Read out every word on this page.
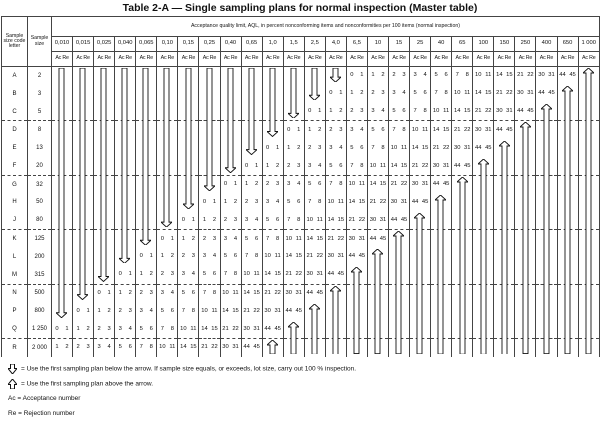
Table 2-A — Single sampling plans for normal inspection (Master table)
Sample size code letter	Sample size	Acceptance quality limit, AQL, in percent nonconforming items and nonconformities per 100 items (normal inspection)																									
		0,010	0,015	0,025	0,040	0,065	0,10	0,15	0,25	0,40	0,65	1,0	1,5	2,5	4,0	6,5	10	15	25	40	65	100	150	250	400	650	1 000
		Ac Re	Ac Re	Ac Re	Ac Re	Ac Re	Ac Re	Ac Re	Ac Re	Ac Re	Ac Re	Ac Re	Ac Re	Ac Re	Ac Re	Ac Re	Ac Re	Ac Re	Ac Re	Ac Re	Ac Re	Ac Re	Ac Re	Ac Re	Ac Re	Ac Re	Ac Re
A	2															0 1	1 2	2 3	3 4	5 6	7 8	10 11	14 15	21 22	30 31	44 45	
B	3														0 1	1 2	2 3	3 4	5 6	7 8	10 11	14 15	21 22	30 31	44 45		
C	5													0 1	1 2	2 3	3 4	5 6	7 8	10 11	14 15	21 22	30 31	44 45			
D	8												0 1	1 2	2 3	3 4	5 6	7 8	10 11	14 15	21 22	30 31	44 45				
E	13											0 1	1 2	2 3	3 4	5 6	7 8	10 11	14 15	21 22	30 31	44 45					
F	20										0 1	1 2	2 3	3 4	5 6	7 8	10 11	14 15	21 22	30 31	44 45						
G	32									0 1	1 2	2 3	3 4	5 6	7 8	10 11	14 15	21 22	30 31	44 45							
H	50								0 1	1 2	2 3	3 4	5 6	7 8	10 11	14 15	21 22	30 31	44 45								
J	80							0 1	1 2	2 3	3 4	5 6	7 8	10 11	14 15	21 22	30 31	44 45									
K	125						0 1	1 2	2 3	3 4	5 6	7 8	10 11	14 15	21 22	30 31	44 45										
L	200					0 1	1 2	2 3	3 4	5 6	7 8	10 11	14 15	21 22	30 31	44 45											
M	315				0 1	1 2	2 3	3 4	5 6	7 8	10 11	14 15	21 22	30 31	44 45												
N	500			0 1	1 2	2 3	3 4	5 6	7 8	10 11	14 15	21 22	30 31	44 45													
P	800		0 1	1 2	2 3	3 4	5 6	7 8	10 11	14 15	21 22	30 31	44 45														
Q	1 250	0 1	1 2	2 3	3 4	5 6	7 8	10 11	14 15	21 22	30 31	44 45															
R	2 000	1 2	2 3	3 4	5 6	7 8	10 11	14 15	21 22	30 31	44 45																
= Use the first sampling plan below the arrow. If sample size equals, or exceeds, lot size, carry out 100 % inspection.
= Use the first sampling plan above the arrow.
Ac = Acceptance number
Re = Rejection number
